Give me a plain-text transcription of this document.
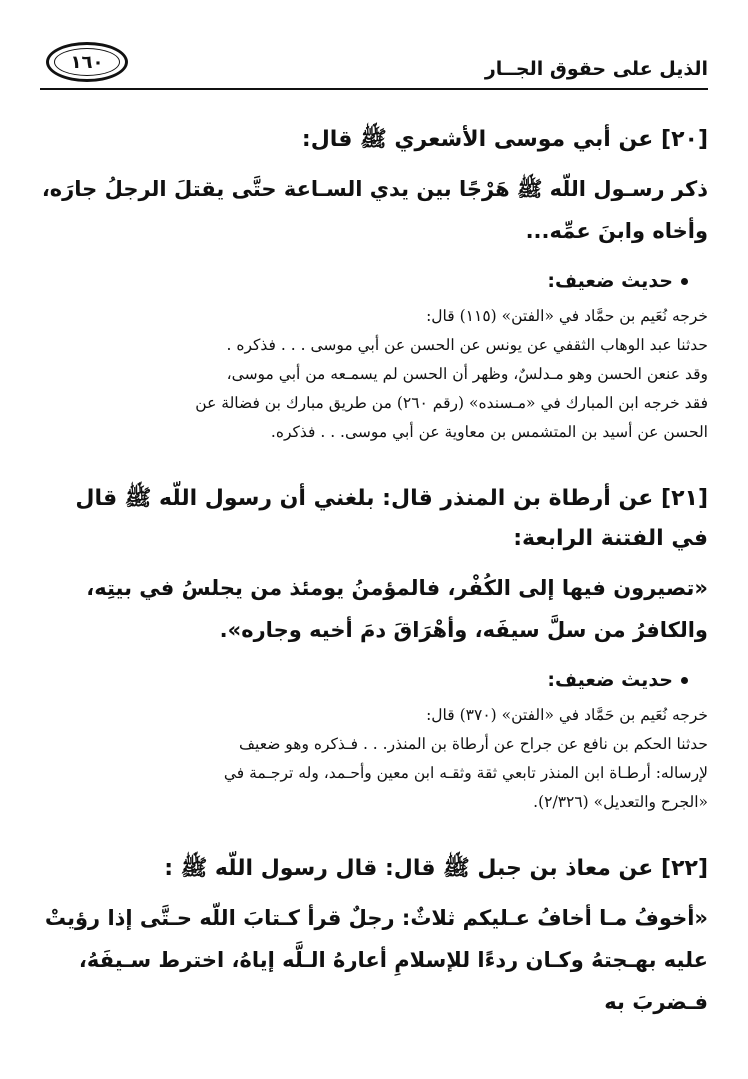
١٦٠	الذيل على حقوق الجــار
[٢٠] عن أبي موسى الأشعري ﷺ قال:

ذكر رسـول اللّه ﷺ هَرْجًا بين يدي السـاعة حتَّى يقتلَ الرجلُ جارَه، وأخاه وابنَ عمِّه...

حديث ضعيف:

خرجه نُعَيم بن حمَّاد في «الفتن» (١١٥) قال:

حدثنا عبد الوهاب الثقفي عن يونس عن الحسن عن أبي موسى . . . فذكره .

وقد عنعن الحسن وهو مـدلسٌ، وظهر أن الحسن لم يسمـعه من أبي موسى،

فقد خرجه ابن المبارك في «مـسنده» (رقم ٢٦٠) من طريق مبارك بن فضالة عن

الحسن عن أسيد بن المتشمس بن معاوية عن أبي موسى. . . فذكره.

[٢١] عن أرطاة بن المنذر قال: بلغني أن رسول اللّه ﷺ قال في الفتنة الرابعة:

«تصيرون فيها إلى الكُفْر، فالمؤمنُ يومئذ من يجلسُ في بيتِه، والكافرُ من سلَّ سيفَه، وأهْرَاقَ دمَ أخيه وجاره».

حديث ضعيف:

خرجه نُعَيم بن حَمَّاد في «الفتن» (٣٧٠) قال:

حدثنا الحكم بن نافع عن جراح عن أرطاة بن المنذر. . . فـذكره وهو ضعيف

لإرساله: أرطـاة ابن المنذر تابعي ثقة وثقـه ابن معين وأحـمد، وله ترجـمة في

«الجرح والتعديل» (٢/٣٢٦).

[٢٢] عن معاذ بن جبل ﷺ قال: قال رسول اللّه ﷺ :

«أخوفُ مـا أخافُ عـليكم ثلاثٌ: رجلٌ قرأ كـتابَ اللّه حـتَّى إذا رؤيتْ عليه بهـجتهُ وكـان ردءًا للإسلامِ أعارهُ الـلَّه إياهُ، اخترط سـيفَهُ، فـضربَ به
